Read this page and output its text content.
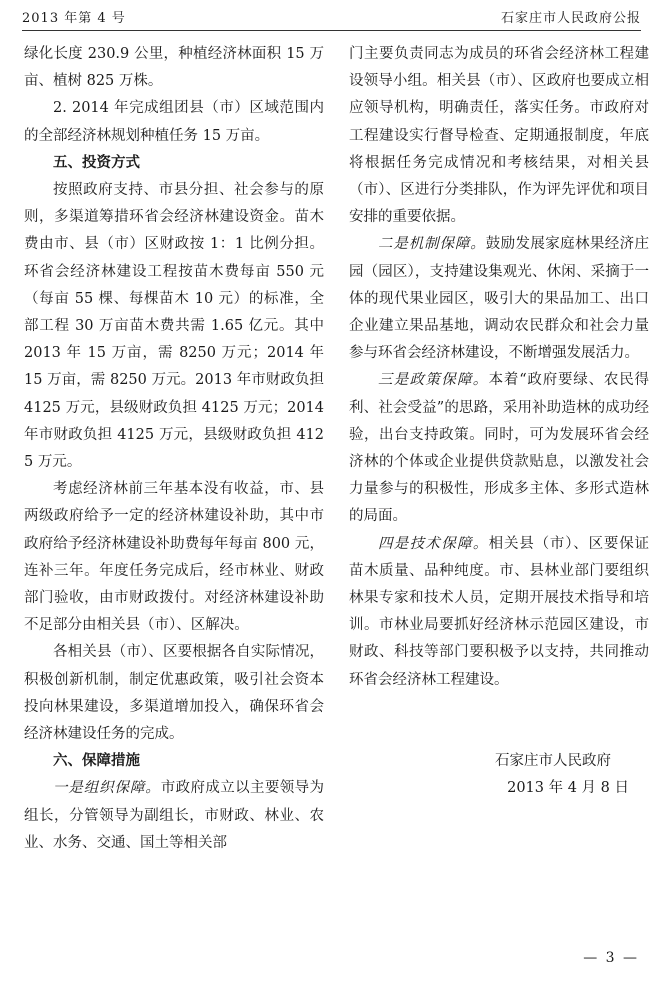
2013 年第 4 号	石家庄市人民政府公报

绿化长度 230.9 公里，种植经济林面积 15 万亩、植树 825 万株。

2. 2014 年完成组团县（市）区域范围内的全部经济林规划种植任务 15 万亩。

五、投资方式

按照政府支持、市县分担、社会参与的原则，多渠道筹措环省会经济林建设资金。苗木费由市、县（市）区财政按 1：1 比例分担。环省会经济林建设工程按苗木费每亩 550 元（每亩 55 棵、每棵苗木 10 元）的标准，全部工程 30 万亩苗木费共需 1.65 亿元。其中 2013 年 15 万亩，需 8250 万元；2014 年 15 万亩，需 8250 万元。2013 年市财政负担 4125 万元，县级财政负担 4125 万元；2014 年市财政负担 4125 万元，县级财政负担 4125 万元。

考虑经济林前三年基本没有收益，市、县两级政府给予一定的经济林建设补助，其中市政府给予经济林建设补助费每年每亩 800 元，连补三年。年度任务完成后，经市林业、财政部门验收，由市财政拨付。对经济林建设补助不足部分由相关县（市）、区解决。

各相关县（市）、区要根据各自实际情况，积极创新机制，制定优惠政策，吸引社会资本投向林果建设，多渠道增加投入，确保环省会经济林建设任务的完成。

六、保障措施

一是组织保障。市政府成立以主要领导为组长，分管领导为副组长，市财政、林业、农业、水务、交通、国土等相关部

门主要负责同志为成员的环省会经济林工程建设领导小组。相关县（市）、区政府也要成立相应领导机构，明确责任，落实任务。市政府对工程建设实行督导检查、定期通报制度，年底将根据任务完成情况和考核结果，对相关县（市）、区进行分类排队，作为评先评优和项目安排的重要依据。

二是机制保障。鼓励发展家庭林果经济庄园（园区），支持建设集观光、休闲、采摘于一体的现代果业园区，吸引大的果品加工、出口企业建立果品基地，调动农民群众和社会力量参与环省会经济林建设，不断增强发展活力。

三是政策保障。本着“政府要绿、农民得利、社会受益”的思路，采用补助造林的成功经验，出台支持政策。同时，可为发展环省会经济林的个体或企业提供贷款贴息，以激发社会力量参与的积极性，形成多主体、多形式造林的局面。

四是技术保障。相关县（市）、区要保证苗木质量、品种纯度。市、县林业部门要组织林果专家和技术人员，定期开展技术指导和培训。市林业局要抓好经济林示范园区建设，市财政、科技等部门要积极予以支持，共同推动环省会经济林工程建设。

石家庄市人民政府
2013 年 4 月 8 日
— 3 —
